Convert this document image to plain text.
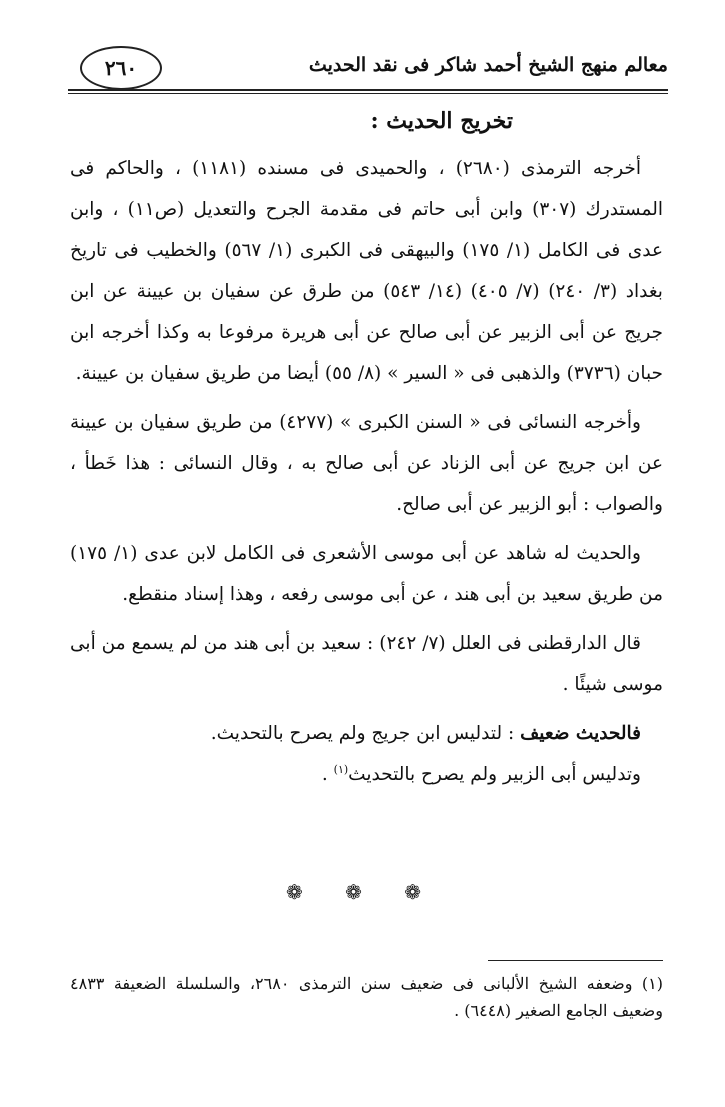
معالم منهج الشيخ أحمد شاكر فى نقد الحديث
٢٦٠
تخريج الحديث :

أخرجه الترمذى (٢٦٨٠) ، والحميدى فى مسنده (١١٨١) ، والحاكم فى المستدرك (٣٠٧) وابن أبى حاتم فى مقدمة الجرح والتعديل (ص١١) ، وابن عدى فى الكامل (١/ ١٧٥) والبيهقى فى الكبرى (١/ ٥٦٧) والخطيب فى تاريخ بغداد (٣/ ٢٤٠) (٧/ ٤٠٥) (١٤/ ٥٤٣) من طرق عن سفيان بن عيينة عن ابن جريج عن أبى الزبير عن أبى صالح عن أبى هريرة مرفوعا به وكذا أخرجه ابن حبان (٣٧٣٦) والذهبى فى « السير » (٨/ ٥٥) أيضا من طريق سفيان بن عيينة.

وأخرجه النسائى فى « السنن الكبرى » (٤٢٧٧) من طريق سفيان بن عيينة عن ابن جريج عن أبى الزناد عن أبى صالح به ، وقال النسائى : هذا خَطأ ، والصواب : أبو الزبير عن أبى صالح.

والحديث له شاهد عن أبى موسى الأشعرى فى الكامل لابن عدى (١/ ١٧٥) من طريق سعيد بن أبى هند ، عن أبى موسى رفعه ، وهذا إسناد منقطع.

قال الدارقطنى فى العلل (٧/ ٢٤٢) : سعيد بن أبى هند من لم يسمع من أبى موسى شيئًا .

فالحديث ضعيف : لتدليس ابن جريج ولم يصرح بالتحديث.

وتدليس أبى الزبير ولم يصرح بالتحديث$^{(١)}$ .

❁ ❁ ❁
(١) وضعفه الشيخ الألبانى فى ضعيف سنن الترمذى ٢٦٨٠، والسلسلة الضعيفة ٤٨٣٣ وضعيف الجامع الصغير (٦٤٤٨) .
